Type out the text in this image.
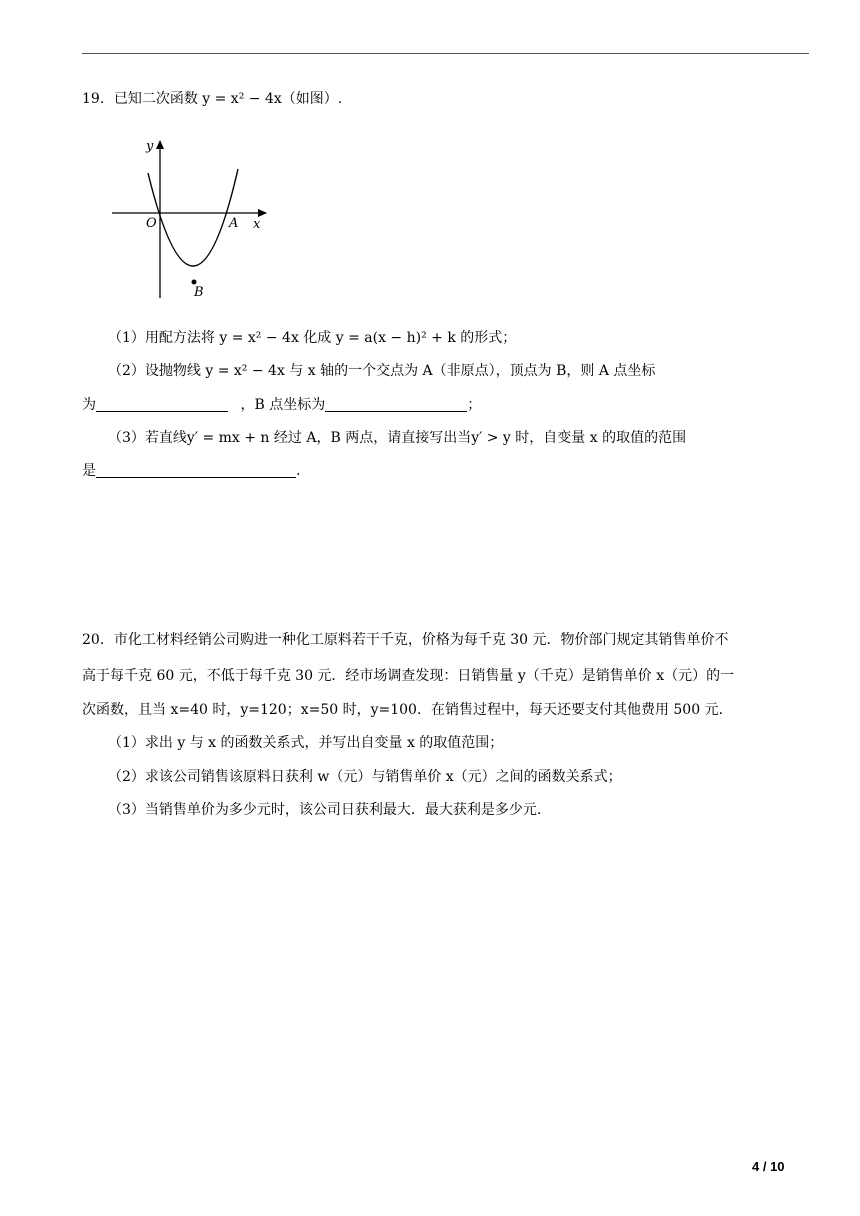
19．已知二次函数 y = x² − 4x（如图）.
y
x
O	A
B
（1）用配方法将 y = x² − 4x 化成 y = a(x − h)² + k 的形式；
（2）设抛物线 y = x² − 4x 与 x 轴的一个交点为 A（非原点），顶点为 B，则 A 点坐标
为	，B 点坐标为	；
（3）若直线y′ = mx + n 经过 A，B 两点，请直接写出当y′ > y 时，自变量 x 的取值的范围
是	.
20．市化工材料经销公司购进一种化工原料若干千克，价格为每千克 30 元．物价部门规定其销售单价不
高于每千克 60 元，不低于每千克 30 元．经市场调查发现：日销售量 y（千克）是销售单价 x（元）的一
次函数，且当 x=40 时，y=120；x=50 时，y=100．在销售过程中，每天还要支付其他费用 500 元．
（1）求出 y 与 x 的函数关系式，并写出自变量 x 的取值范围；
（2）求该公司销售该原料日获利 w（元）与销售单价 x（元）之间的函数关系式；
（3）当销售单价为多少元时，该公司日获利最大．最大获利是多少元.
4 / 10
